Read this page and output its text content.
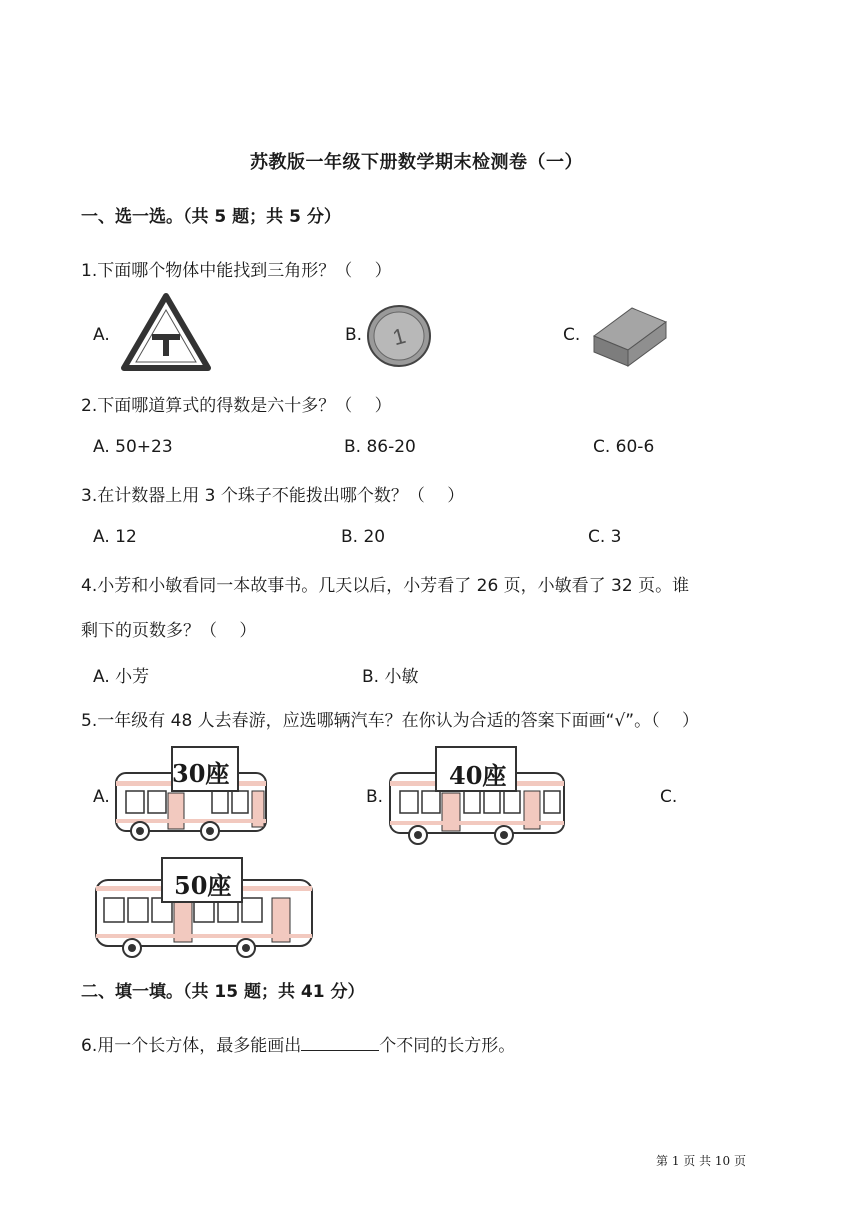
苏教版一年级下册数学期末检测卷（一）
一、选一选。（共 5 题；共 5 分）
1.下面哪个物体中能找到三角形？（　 ）
A.	B. 1	C.
2.下面哪道算式的得数是六十多？（　 ）
A. 50+23	B. 86-20	C. 60-6
3.在计数器上用 3 个珠子不能拨出哪个数？（　 ）
A. 12	B. 20	C. 3
4.小芳和小敏看同一本故事书。几天以后，小芳看了 26 页，小敏看了 32 页。谁
剩下的页数多？（　 ）
A. 小芳	B. 小敏
5.一年级有 48 人去春游，应选哪辆汽车？在你认为合适的答案下面画“√”。（　 ）
A.
30座
B.
40座
C.
50座
二、填一填。（共 15 题；共 41 分）
6.用一个长方体，最多能画出	个不同的长方形。
第 1 页 共 10 页
